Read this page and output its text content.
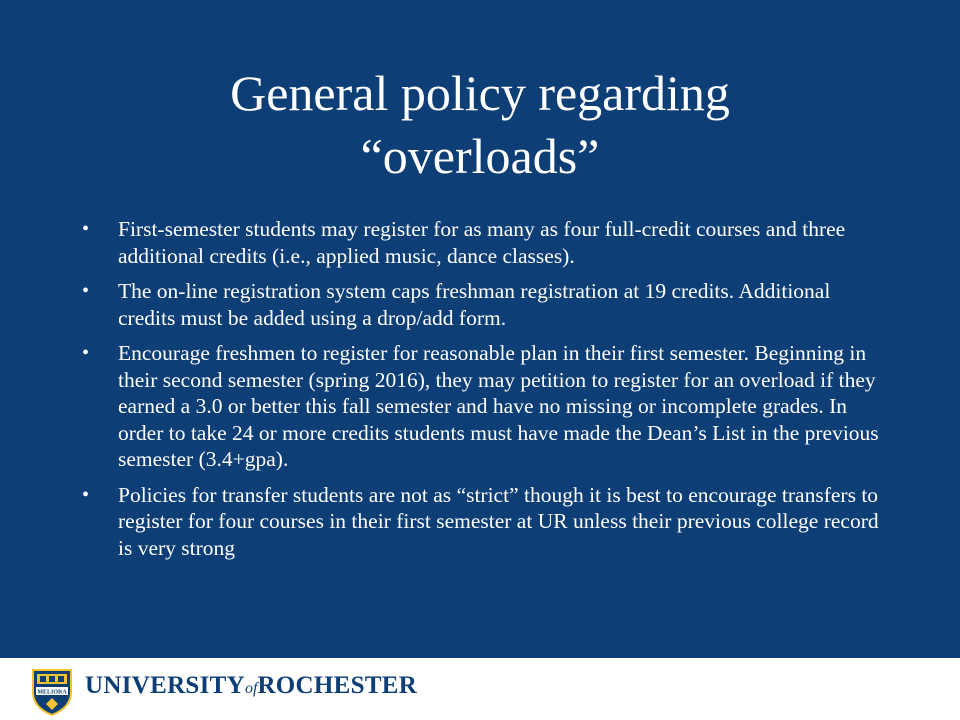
General policy regarding
“overloads”
•	First-semester students may register for as many as four full-credit courses and three additional credits (i.e., applied music, dance classes).
•	The on-line registration system caps freshman registration at 19 credits. Additional credits must be added using a drop/add form.
•	Encourage freshmen to register for reasonable plan in their first semester. Beginning in their second semester (spring 2016), they may petition to register for an overload if they earned a 3.0 or better this fall semester and have no missing or incomplete grades. In order to take 24 or more credits students must have made the Dean’s List in the previous semester (3.4+gpa).
•	Policies for transfer students are not as “strict” though it is best to encourage transfers to register for four courses in their first semester at UR unless their previous college record is very strong
MELIORA UNIVERSITYofROCHESTER
